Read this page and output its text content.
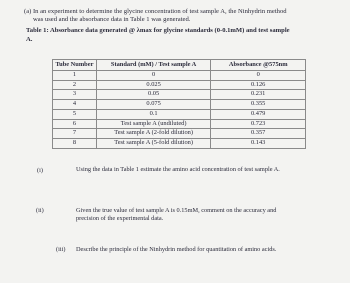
(a) In an experiment to determine the glycine concentration of test sample A, the Ninhydrin method
was used and the absorbance data in Table 1 was generated.
Table 1: Absorbance data generated @ λmax for glycine standards (0-0.1mM) and test sample
A.
Tube Number	Standard (mM) / Test sample A	Absorbance @575nm
1	0	0
2	0.025	0.126
3	0.05	0.231
4	0.075	0.355
5	0.1	0.479
6	Test sample A (undiluted)	0.723
7	Test sample A (2-fold dilution)	0.357
8	Test sample A (5-fold dilution)	0.143
(i)	Using the data in Table 1 estimate the amino acid concentration of test sample A.
(ii)	Given the true value of test sample A is 0.15mM, comment on the accuracy and
precision of the experimental data.
(iii) Describe the principle of the Ninhydrin method for quantitation of amino acids.
